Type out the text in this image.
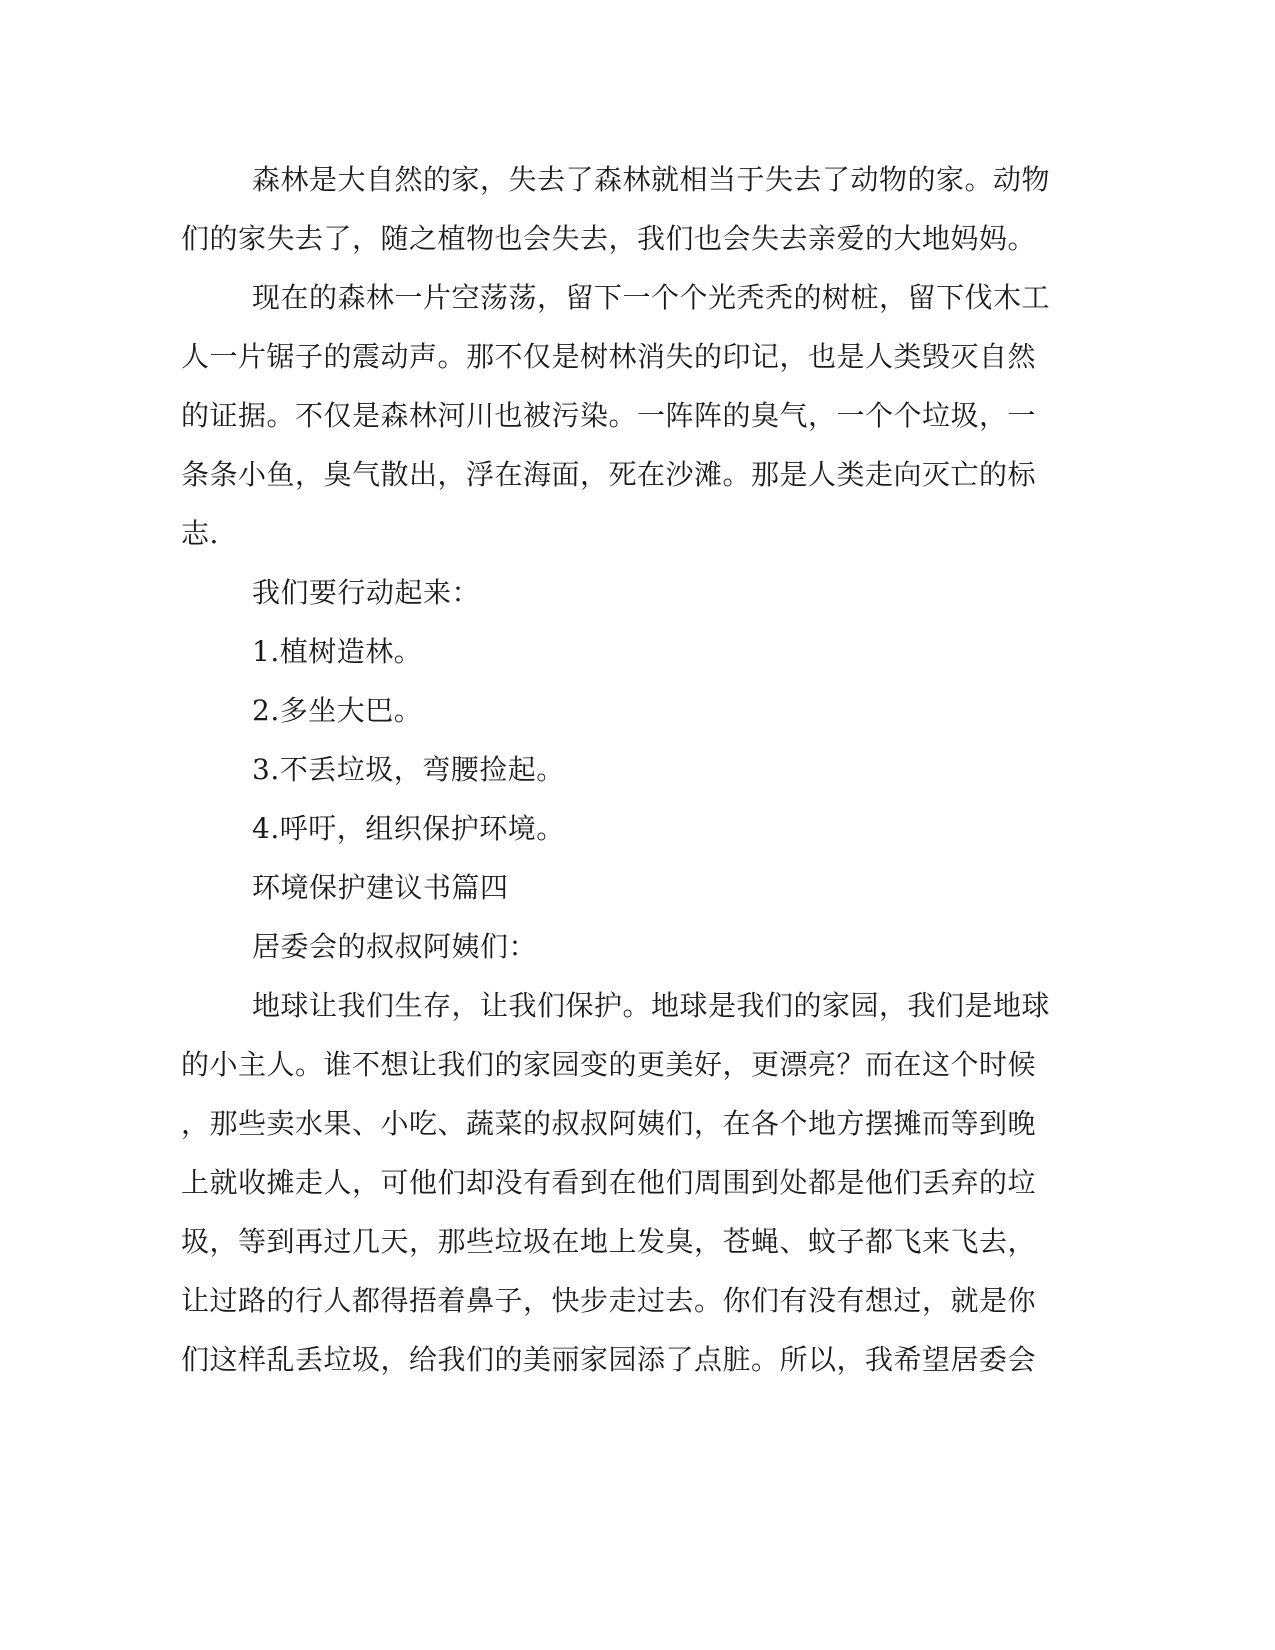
森林是大自然的家，失去了森林就相当于失去了动物的家。动物

们的家失去了，随之植物也会失去，我们也会失去亲爱的大地妈妈。

现在的森林一片空荡荡，留下一个个光秃秃的树桩，留下伐木工

人一片锯子的震动声。那不仅是树林消失的印记，也是人类毁灭自然

的证据。不仅是森林河川也被污染。一阵阵的臭气，一个个垃圾，一

条条小鱼，臭气散出，浮在海面，死在沙滩。那是人类走向灭亡的标

志.

我们要行动起来：

1.植树造林。

2.多坐大巴。

3.不丢垃圾，弯腰捡起。

4.呼吁，组织保护环境。

环境保护建议书篇四

居委会的叔叔阿姨们：

地球让我们生存，让我们保护。地球是我们的家园，我们是地球

的小主人。谁不想让我们的家园变的更美好，更漂亮？而在这个时候

，那些卖水果、小吃、蔬菜的叔叔阿姨们，在各个地方摆摊而等到晚

上就收摊走人，可他们却没有看到在他们周围到处都是他们丢弃的垃

圾，等到再过几天，那些垃圾在地上发臭，苍蝇、蚊子都飞来飞去，

让过路的行人都得捂着鼻子，快步走过去。你们有没有想过，就是你

们这样乱丢垃圾，给我们的美丽家园添了点脏。所以，我希望居委会
